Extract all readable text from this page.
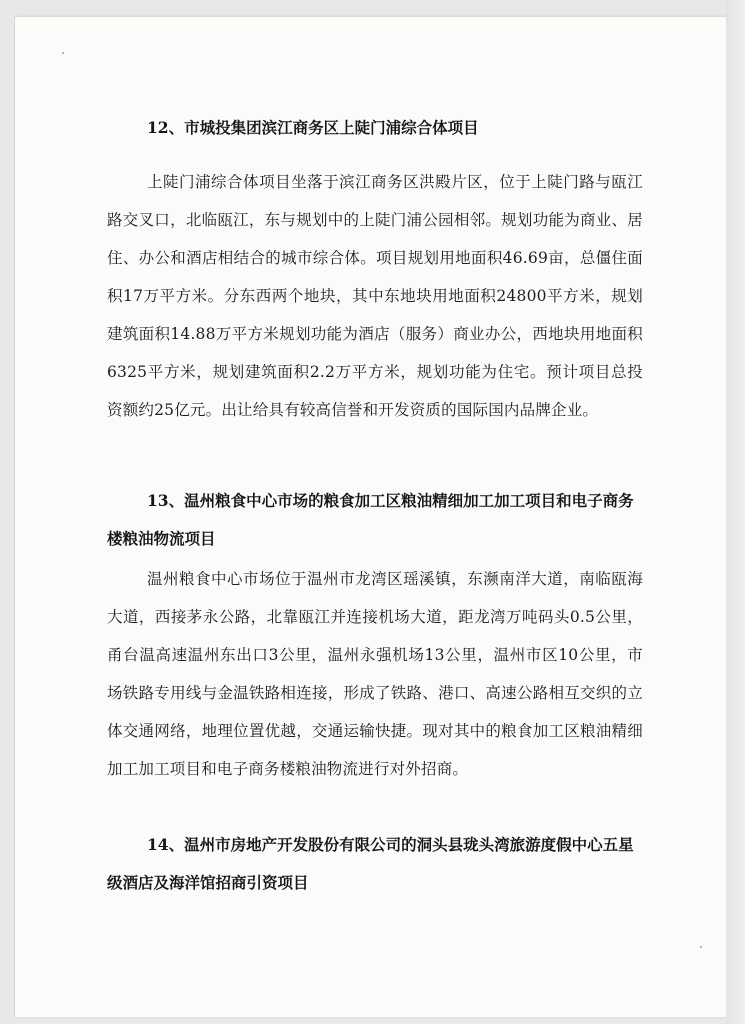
12、市城投集团滨江商务区上陡门浦综合体项目

上陡门浦综合体项目坐落于滨江商务区洪殿片区，位于上陡门路与瓯江路交叉口，北临瓯江，东与规划中的上陡门浦公园相邻。规划功能为商业、居住、办公和酒店相结合的城市综合体。项目规划用地面积46.69亩，总僵住面积17万平方米。分东西两个地块，其中东地块用地面积24800平方米，规划建筑面积14.88万平方米规划功能为酒店（服务）商业办公，西地块用地面积6325平方米，规划建筑面积2.2万平方米，规划功能为住宅。预计项目总投资额约25亿元。出让给具有较高信誉和开发资质的国际国内品牌企业。

13、温州粮食中心市场的粮食加工区粮油精细加工加工项目和电子商务楼粮油物流项目

温州粮食中心市场位于温州市龙湾区瑶溪镇，东濒南洋大道，南临瓯海大道，西接茅永公路，北靠瓯江并连接机场大道，距龙湾万吨码头0.5公里，甬台温高速温州东出口3公里，温州永强机场13公里，温州市区10公里，市场铁路专用线与金温铁路相连接，形成了铁路、港口、高速公路相互交织的立体交通网络，地理位置优越，交通运输快捷。现对其中的粮食加工区粮油精细加工加工项目和电子商务楼粮油物流进行对外招商。

14、温州市房地产开发股份有限公司的洞头县珑头湾旅游度假中心五星级酒店及海洋馆招商引资项目
